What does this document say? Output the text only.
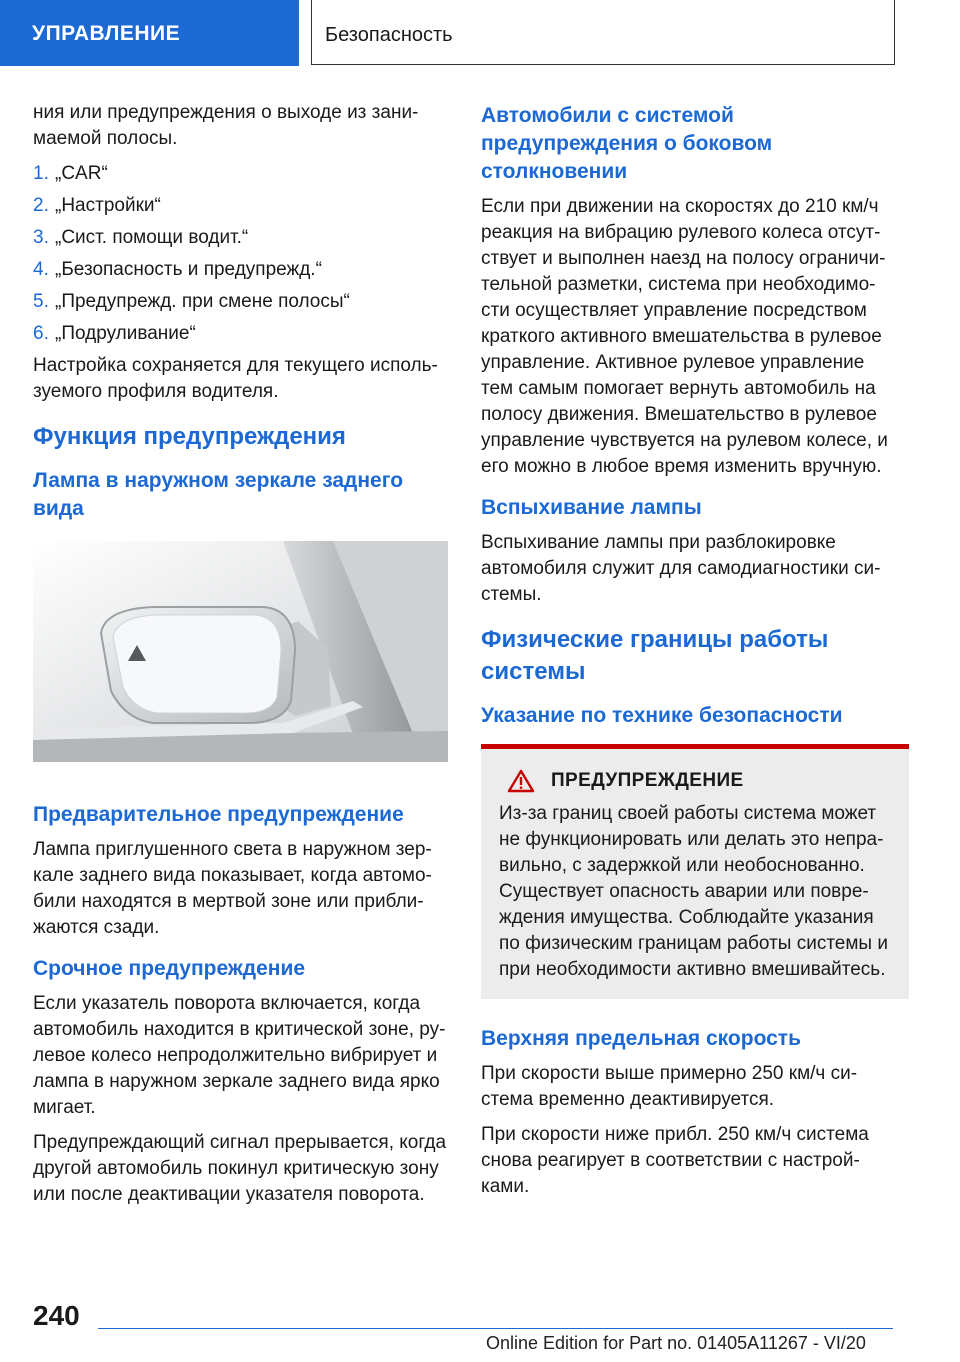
УПРАВЛЕНИЕ	Безопасность

ния или предупреждения о выходе из зани-маемой полосы.

1. „CAR“
2. „Настройки“
3. „Сист. помощи водит.“
4. „Безопасность и предупрежд.“
5. „Предупрежд. при смене полосы“
6. „Подруливание“

Настройка сохраняется для текущего исполь-зуемого профиля водителя.

Функция предупреждения
Лампа в наружном зеркале заднего вида
Предварительное предупреждение

Лампа приглушенного света в наружном зер-кале заднего вида показывает, когда автомо-били находятся в мертвой зоне или прибли-жаются сзади.

Срочное предупреждение

Если указатель поворота включается, когда автомобиль находится в критической зоне, ру-левое колесо непродолжительно вибрирует и лампа в наружном зеркале заднего вида ярко мигает.

Предупреждающий сигнал прерывается, когда другой автомобиль покинул критическую зону или после деактивации указателя поворота.

Автомобили с системой предупреждения о боковом столкновении

Если при движении на скоростях до 210 км/ч реакция на вибрацию рулевого колеса отсут-ствует и выполнен наезд на полосу ограничи-тельной разметки, система при необходимо-сти осуществляет управление посредством краткого активного вмешательства в рулевое управление. Активное рулевое управление тем самым помогает вернуть автомобиль на полосу движения. Вмешательство в рулевое управление чувствуется на рулевом колесе, и его можно в любое время изменить вручную.

Вспыхивание лампы

Вспыхивание лампы при разблокировке автомобиля служит для самодиагностики си-стемы.

Физические границы работы системы
Указание по технике безопасности
ПРЕДУПРЕЖДЕНИЕ

Из-за границ своей работы система может не функционировать или делать это непра-вильно, с задержкой или необоснованно. Существует опасность аварии или повре-ждения имущества. Соблюдайте указания по физическим границам работы системы и при необходимости активно вмешивайтесь.

Верхняя предельная скорость

При скорости выше примерно 250 км/ч си-стема временно деактивируется.

При скорости ниже прибл. 250 км/ч система снова реагирует в соответствии с настрой-ками.

240
Online Edition for Part no. 01405A11267 - VI/20
